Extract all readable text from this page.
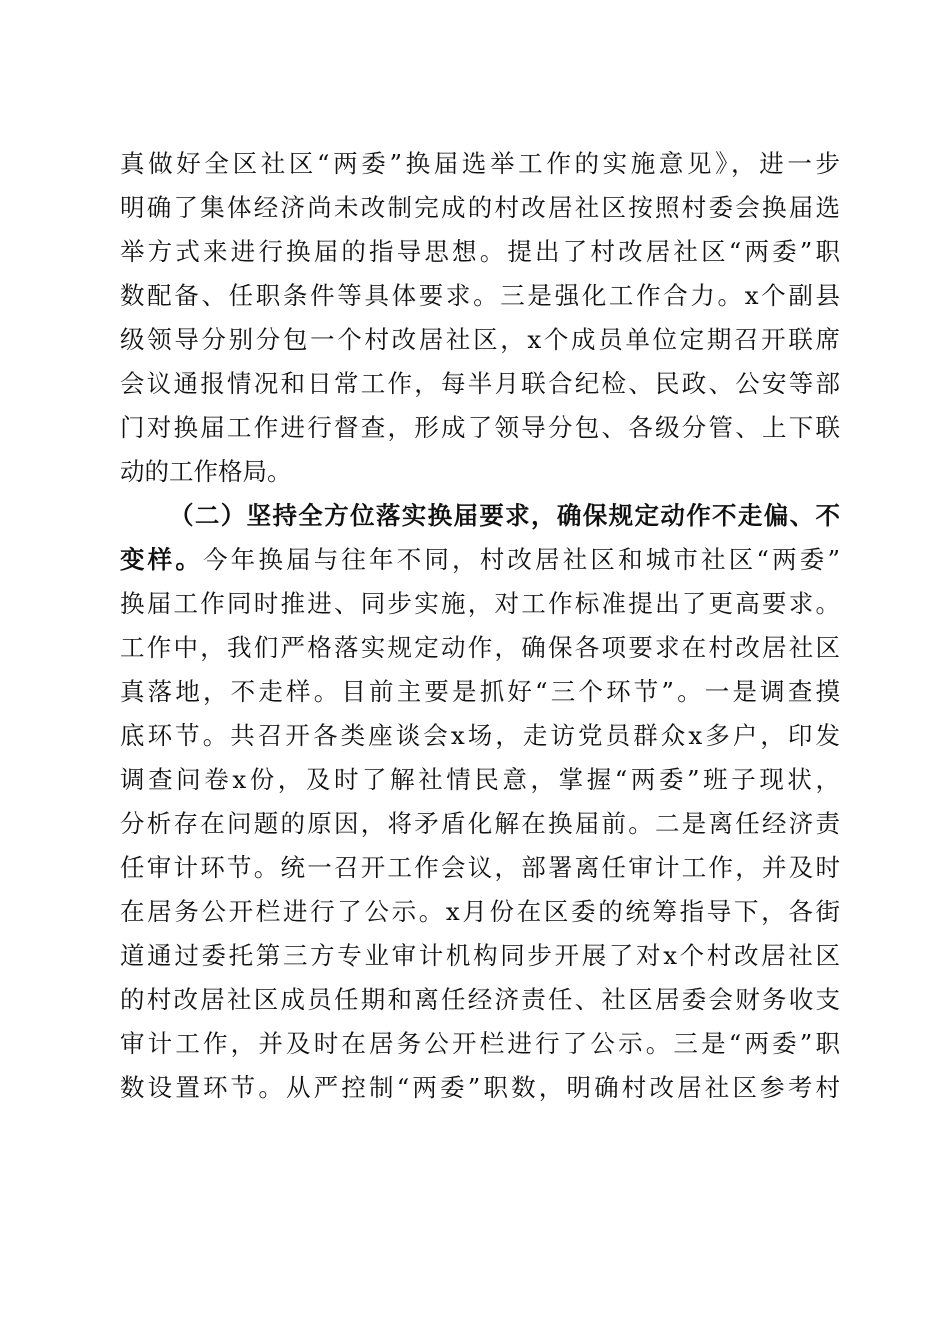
真做好全区社区“两委”换届选举工作的实施意见》，进一步
明确了集体经济尚未改制完成的村改居社区按照村委会换届选
举方式来进行换届的指导思想。提出了村改居社区“两委”职
数配备、任职条件等具体要求。三是强化工作合力。x个副县
级领导分别分包一个村改居社区，x个成员单位定期召开联席
会议通报情况和日常工作，每半月联合纪检、民政、公安等部
门对换届工作进行督查，形成了领导分包、各级分管、上下联
动的工作格局。
（二）坚持全方位落实换届要求，确保规定动作不走偏、不
变样。今年换届与往年不同，村改居社区和城市社区“两委”
换届工作同时推进、同步实施，对工作标准提出了更高要求。
工作中，我们严格落实规定动作，确保各项要求在村改居社区
真落地，不走样。目前主要是抓好“三个环节”。一是调查摸
底环节。共召开各类座谈会x场，走访党员群众x多户，印发
调查问卷x份，及时了解社情民意，掌握“两委”班子现状，
分析存在问题的原因，将矛盾化解在换届前。二是离任经济责
任审计环节。统一召开工作会议，部署离任审计工作，并及时
在居务公开栏进行了公示。x月份在区委的统筹指导下，各街
道通过委托第三方专业审计机构同步开展了对x个村改居社区
的村改居社区成员任期和离任经济责任、社区居委会财务收支
审计工作，并及时在居务公开栏进行了公示。三是“两委”职
数设置环节。从严控制“两委”职数，明确村改居社区参考村
